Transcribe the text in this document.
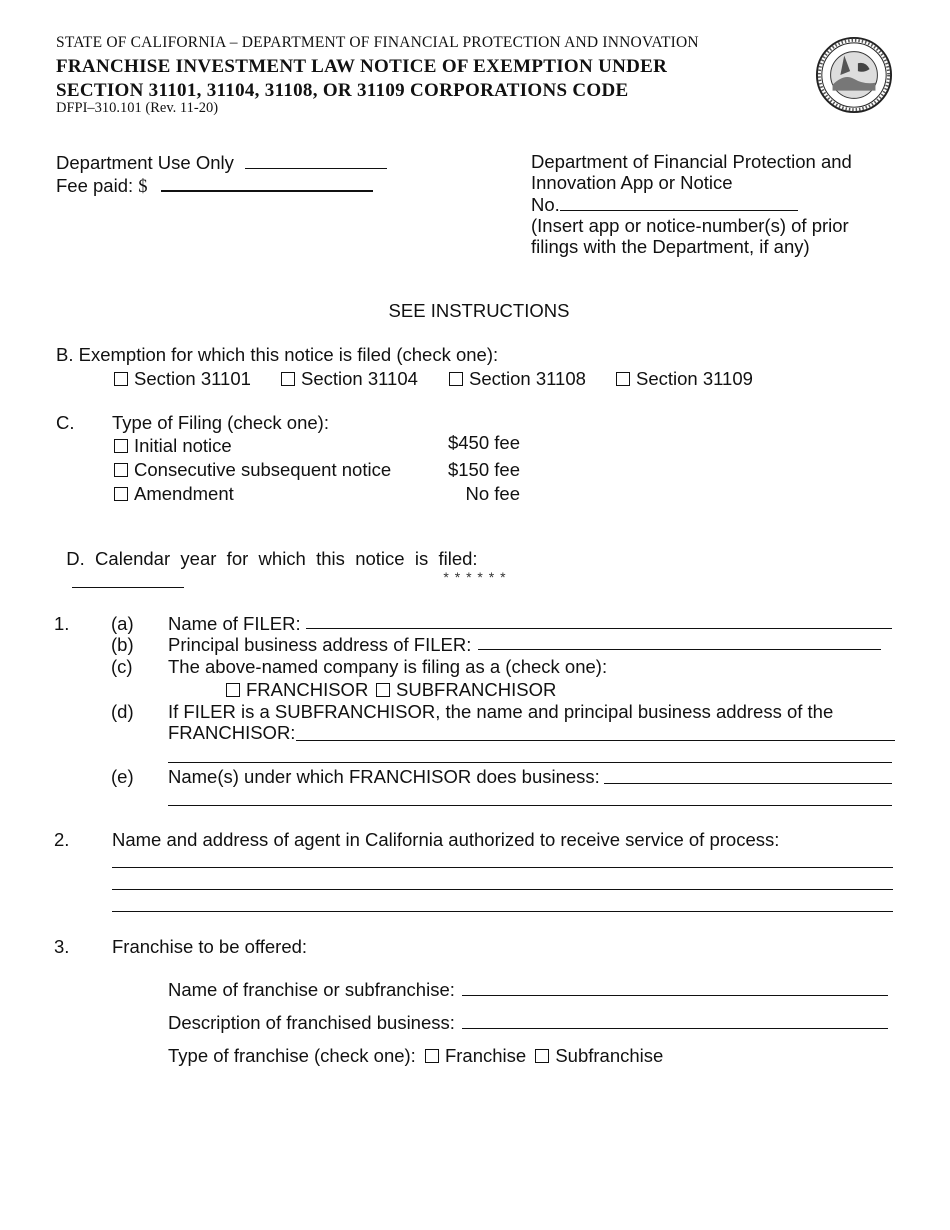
STATE OF CALIFORNIA – DEPARTMENT OF FINANCIAL PROTECTION AND INNOVATION
FRANCHISE INVESTMENT LAW NOTICE OF EXEMPTION UNDER
SECTION 31101, 31104, 31108, OR 31109 CORPORATIONS CODE
DFPI–310.101 (Rev. 11-20)
Department Use Only
Fee paid: $
Department of Financial Protection and
Innovation App or Notice
No.
(Insert app or notice-number(s) of prior
filings with the Department, if any)
SEE INSTRUCTIONS
B. Exemption for which this notice is filed (check one):
Section 31101	Section 31104	Section 31108	Section 31109
C. Type of Filing (check one):
Initial notice	$450 fee
Consecutive subsequent notice	$150 fee
Amendment	No fee

D.  Calendar  year  for  which  this  notice  is  filed:

* * * * * *
1. (a) Name of FILER:
(b) Principal business address of FILER:
(c) The above-named company is filing as a (check one):
FRANCHISOR	SUBFRANCHISOR
(d) If FILER is a SUBFRANCHISOR, the name and principal business address of the
FRANCHISOR:
(e) Name(s) under which FRANCHISOR does business:
2. Name and address of agent in California authorized to receive service of process:
3. Franchise to be offered:
Name of franchise or subfranchise:
Description of franchised business:
Type of franchise (check one): Franchise Subfranchise
